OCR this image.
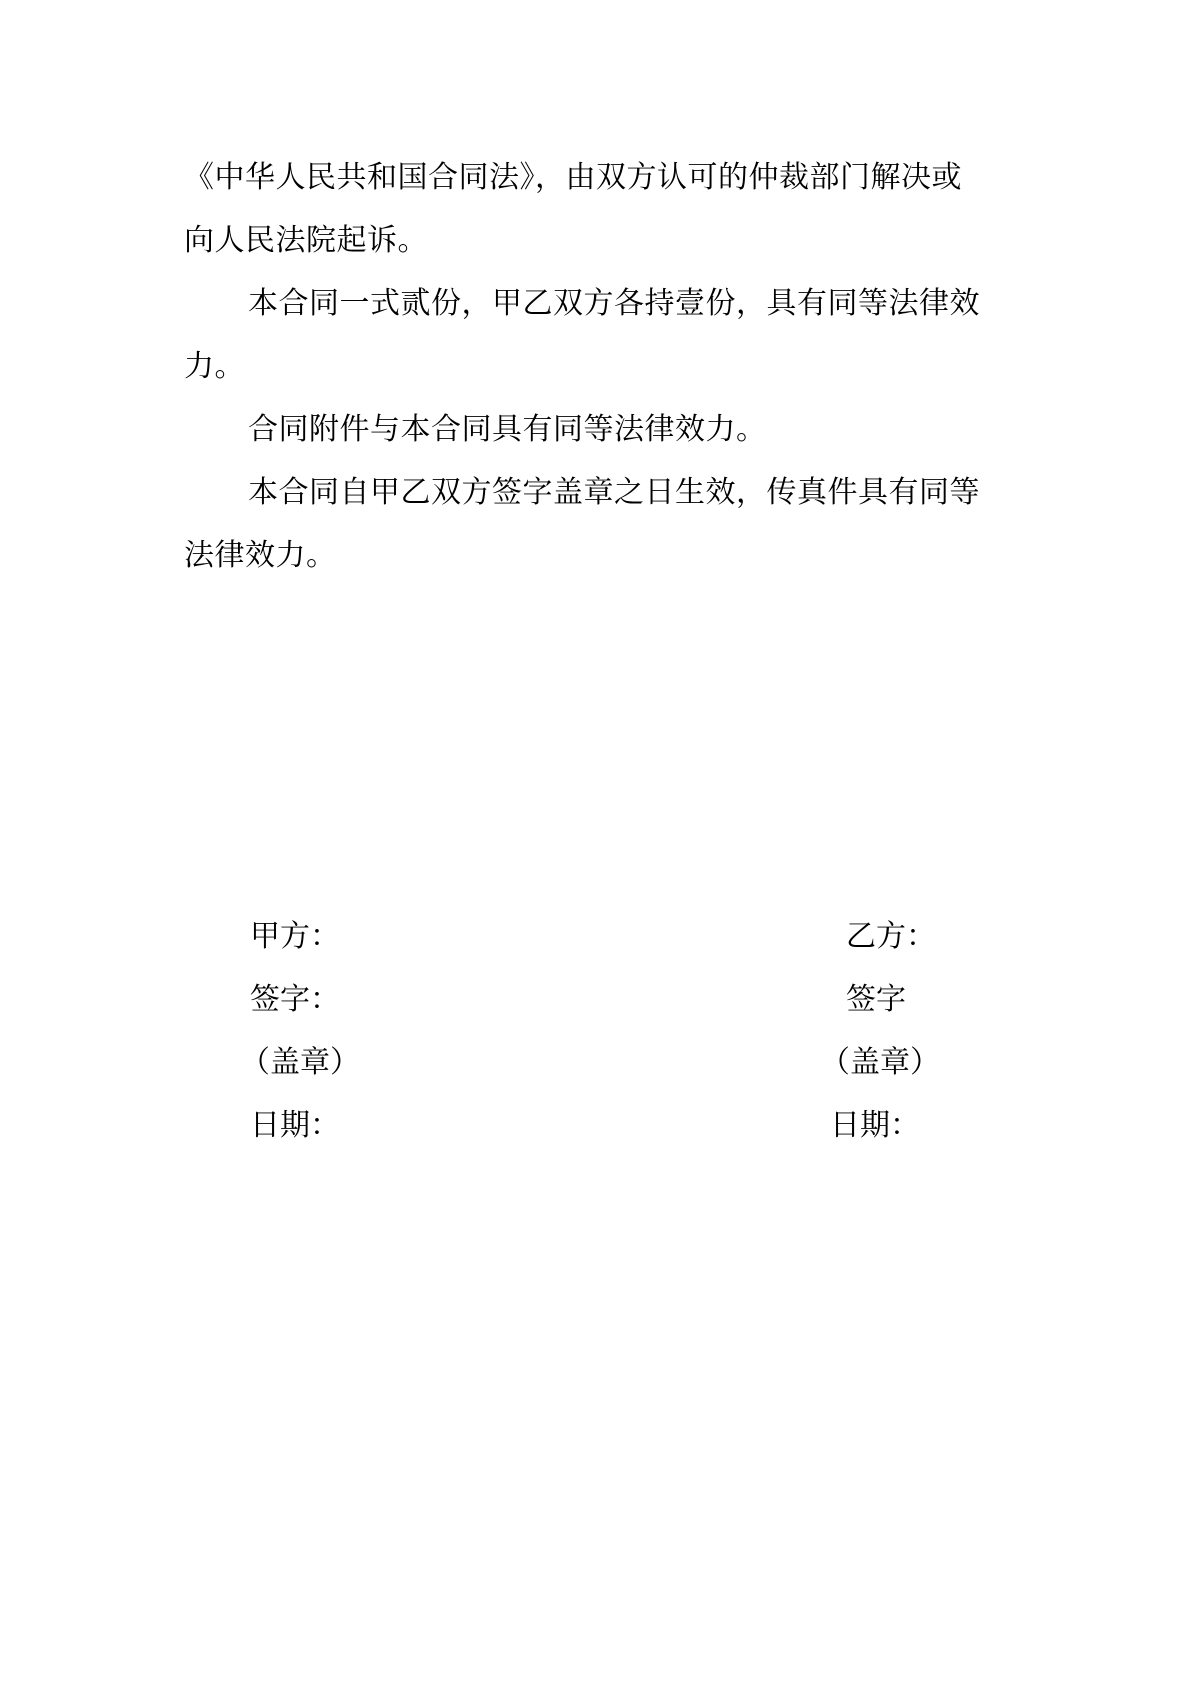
《中华人民共和国合同法》，由双方认可的仲裁部门解决或
向人民法院起诉。
本合同一式贰份，甲乙双方各持壹份，具有同等法律效
力。
合同附件与本合同具有同等法律效力。
本合同自甲乙双方签字盖章之日生效，传真件具有同等
法律效力。
甲方：
签字：
（盖章）
日期：
乙方：
签字
（盖章）
日期：
